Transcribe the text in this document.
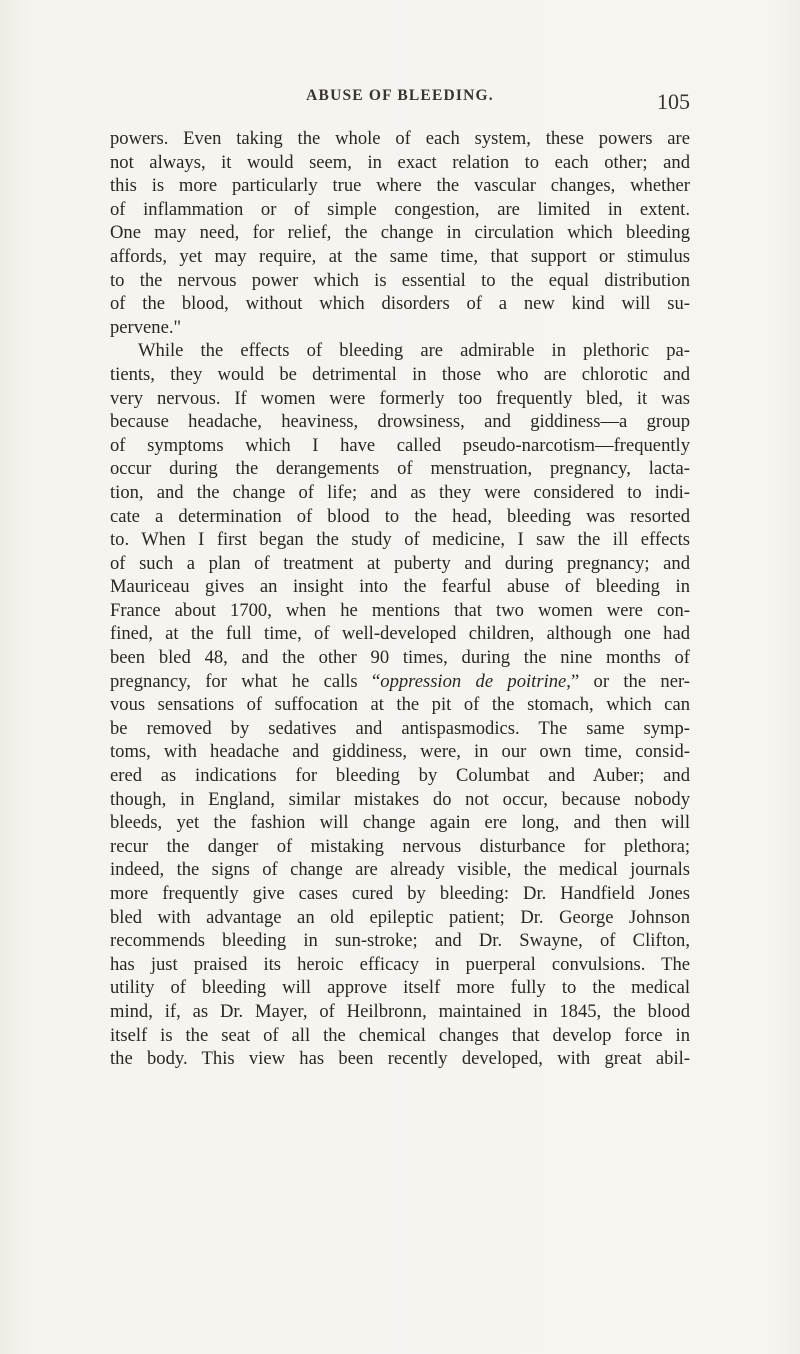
ABUSE OF BLEEDING.	105
powers. Even taking the whole of each system, these powers are
not always, it would seem, in exact relation to each other; and
this is more particularly true where the vascular changes, whether
of inflammation or of simple congestion, are limited in extent.
One may need, for relief, the change in circulation which bleeding
affords, yet may require, at the same time, that support or stimulus
to the nervous power which is essential to the equal distribution
of the blood, without which disorders of a new kind will su-
pervene."
While the effects of bleeding are admirable in plethoric pa-
tients, they would be detrimental in those who are chlorotic and
very nervous. If women were formerly too frequently bled, it was
because headache, heaviness, drowsiness, and giddiness—a group
of symptoms which I have called pseudo-narcotism—frequently
occur during the derangements of menstruation, pregnancy, lacta-
tion, and the change of life; and as they were considered to indi-
cate a determination of blood to the head, bleeding was resorted
to. When I first began the study of medicine, I saw the ill effects
of such a plan of treatment at puberty and during pregnancy; and
Mauriceau gives an insight into the fearful abuse of bleeding in
France about 1700, when he mentions that two women were con-
fined, at the full time, of well-developed children, although one had
been bled 48, and the other 90 times, during the nine months of
pregnancy, for what he calls “oppression de poitrine,” or the ner-
vous sensations of suffocation at the pit of the stomach, which can
be removed by sedatives and antispasmodics. The same symp-
toms, with headache and giddiness, were, in our own time, consid-
ered as indications for bleeding by Columbat and Auber; and
though, in England, similar mistakes do not occur, because nobody
bleeds, yet the fashion will change again ere long, and then will
recur the danger of mistaking nervous disturbance for plethora;
indeed, the signs of change are already visible, the medical journals
more frequently give cases cured by bleeding: Dr. Handfield Jones
bled with advantage an old epileptic patient; Dr. George Johnson
recommends bleeding in sun-stroke; and Dr. Swayne, of Clifton,
has just praised its heroic efficacy in puerperal convulsions. The
utility of bleeding will approve itself more fully to the medical
mind, if, as Dr. Mayer, of Heilbronn, maintained in 1845, the blood
itself is the seat of all the chemical changes that develop force in
the body. This view has been recently developed, with great abil-
